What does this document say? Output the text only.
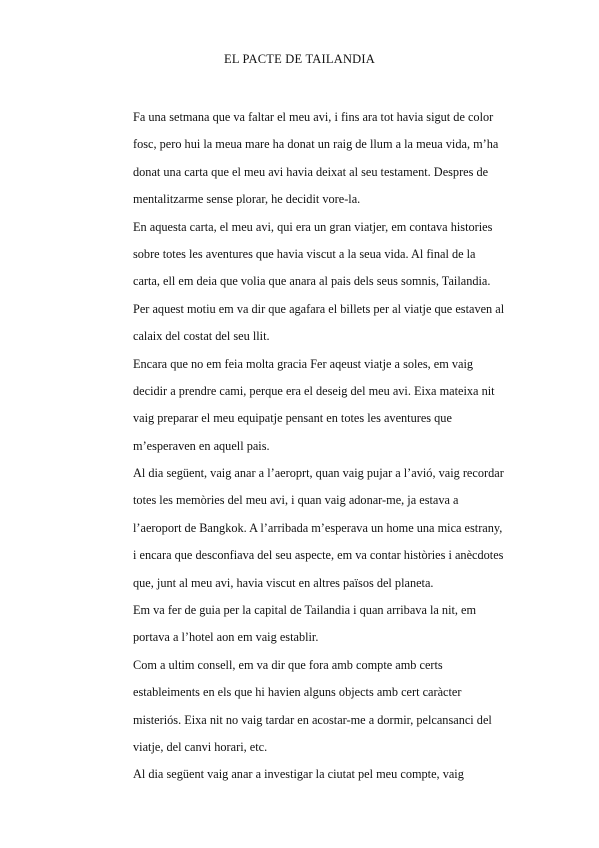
EL PACTE DE TAILANDIA
Fa una setmana que va faltar el meu avi, i fins ara tot havia sigut de color
fosc, pero hui la meua mare ha donat un raig de llum a la meua vida, m’ha
donat una carta que el meu avi havia deixat al seu testament. Despres de
mentalitzarme sense plorar, he decidit vore-la.
En aquesta carta, el meu avi, qui era un gran viatjer, em contava histories
sobre totes les aventures que havia viscut a la seua vida. Al final de la
carta, ell em deia que volia que anara al pais dels seus somnis, Tailandia.
Per aquest motiu em va dir que agafara el billets per al viatje que estaven al
calaix del costat del seu llit.
Encara que no em feia molta gracia Fer aqeust viatje a soles, em vaig
decidir a prendre cami, perque era el deseig del meu avi. Eixa mateixa nit
vaig preparar el meu equipatje pensant en totes les aventures que
m’esperaven en aquell pais.
Al dia següent, vaig anar a l’aeroprt, quan vaig pujar a l’avió, vaig recordar
totes les memòries del meu avi, i quan vaig adonar-me, ja estava a
l’aeroport de Bangkok. A l’arribada m’esperava un home una mica estrany,
i encara que desconfiava del seu aspecte, em va contar històries i anècdotes
que, junt al meu avi, havia viscut en altres països del planeta.
Em va fer de guia per la capital de Tailandia i quan arribava la nit, em
portava a l’hotel aon em vaig establir.
Com a ultim consell, em va dir que fora amb compte amb certs
estableiments en els que hi havien alguns objects amb cert caràcter
misteriós. Eixa nit no vaig tardar en acostar-me a dormir, pelcansanci del
viatje, del canvi horari, etc.
Al dia següent vaig anar a investigar la ciutat pel meu compte, vaig
